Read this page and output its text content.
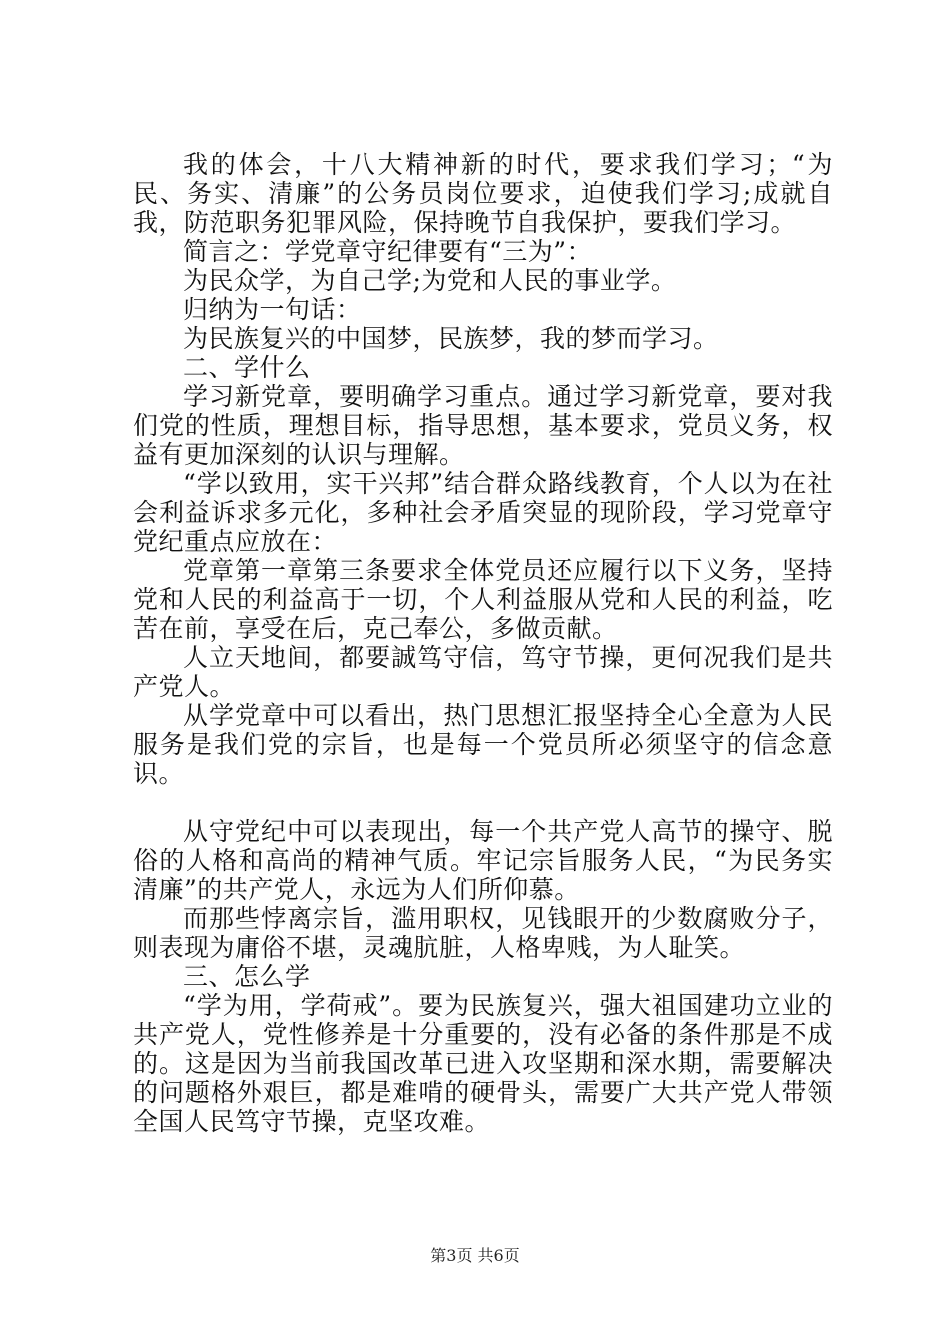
我的体会，十八大精神新的时代，要求我们学习；“为民、务实、清廉”的公务员岗位要求，迫使我们学习;成就自我，防范职务犯罪风险，保持晚节自我保护，要我们学习。

简言之：学党章守纪律要有“三为”：

为民众学，为自己学;为党和人民的事业学。

归纳为一句话：

为民族复兴的中国梦，民族梦，我的梦而学习。

二、学什么

学习新党章，要明确学习重点。通过学习新党章，要对我们党的性质，理想目标，指导思想，基本要求，党员义务，权益有更加深刻的认识与理解。

“学以致用，实干兴邦”结合群众路线教育，个人以为在社会利益诉求多元化，多种社会矛盾突显的现阶段，学习党章守党纪重点应放在：

党章第一章第三条要求全体党员还应履行以下义务，坚持党和人民的利益高于一切，个人利益服从党和人民的利益，吃苦在前，享受在后，克己奉公，多做贡献。

人立天地间，都要誠笃守信，笃守节操，更何况我们是共产党人。

从学党章中可以看出，热门思想汇报坚持全心全意为人民服务是我们党的宗旨，也是每一个党员所必须坚守的信念意识。

从守党纪中可以表现出，每一个共产党人高节的操守、脱俗的人格和高尚的精神气质。牢记宗旨服务人民，“为民务实清廉”的共产党人，永远为人们所仰慕。

而那些悖离宗旨，滥用职权，见钱眼开的少数腐败分子，则表现为庸俗不堪，灵魂肮脏，人格卑贱，为人耻笑。

三、怎么学

“学为用，学荷戒”。要为民族复兴，强大祖国建功立业的共产党人，党性修养是十分重要的，没有必备的条件那是不成的。这是因为当前我国改革已进入攻坚期和深水期，需要解决的问题格外艰巨，都是难啃的硬骨头，需要广大共产党人带领全国人民笃守节操，克坚攻难。

第3页 共6页
